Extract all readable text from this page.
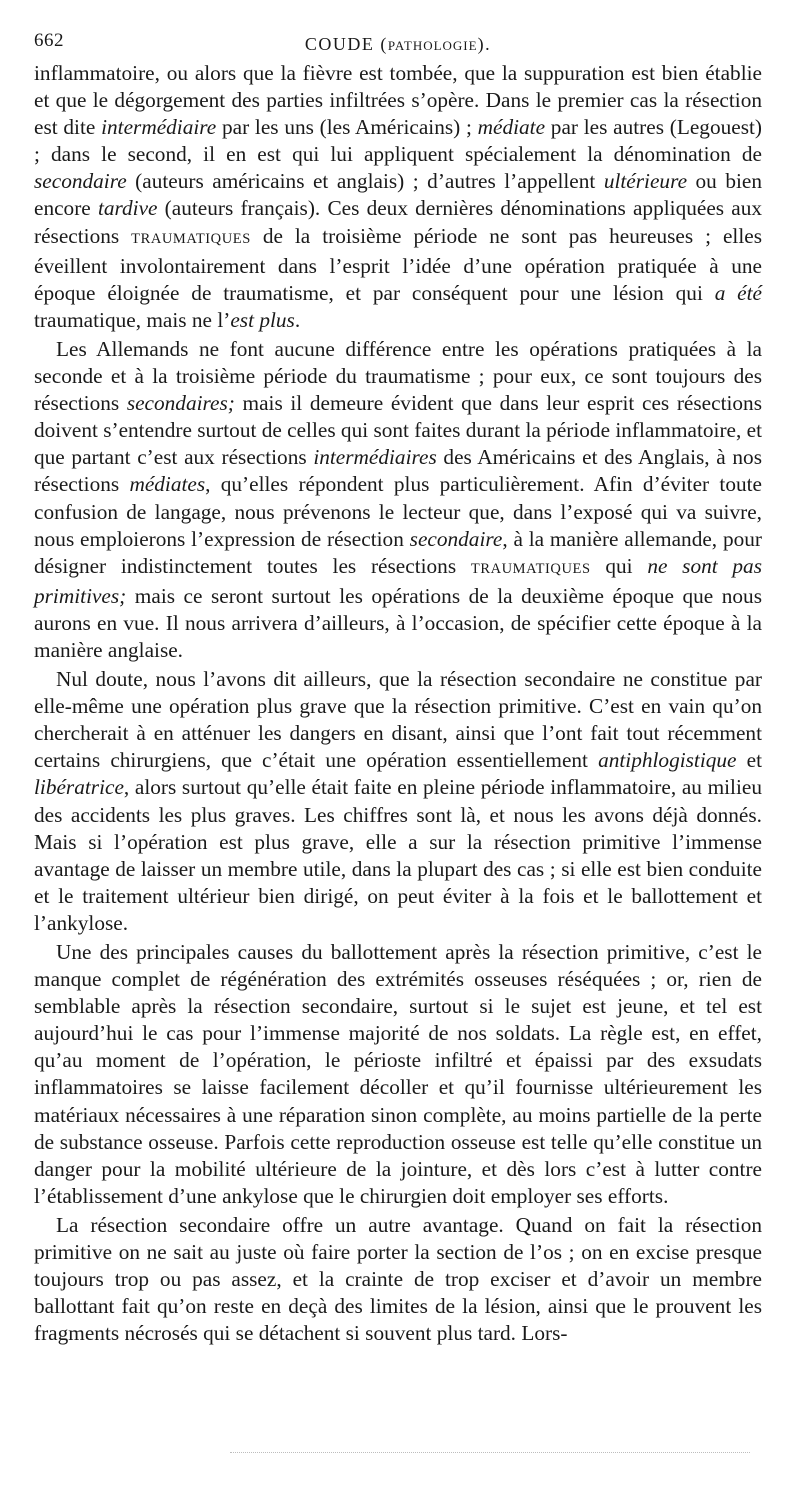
662	COUDE (PATHOLOGIE).

inflammatoire, ou alors que la fièvre est tombée, que la suppuration est bien établie et que le dégorgement des parties infiltrées s’opère. Dans le premier cas la résection est dite intermédiaire par les uns (les Américains) ; médiate par les autres (Legouest) ; dans le second, il en est qui lui appliquent spécialement la dénomination de secondaire (auteurs américains et anglais) ; d’autres l’appellent ultérieure ou bien encore tardive (auteurs français). Ces deux dernières dénominations appliquées aux résections TRAUMATIQUES de la troisième période ne sont pas heureuses ; elles éveillent involontairement dans l’esprit l’idée d’une opération pratiquée à une époque éloignée de traumatisme, et par conséquent pour une lésion qui a été traumatique, mais ne l’est plus.

Les Allemands ne font aucune différence entre les opérations pratiquées à la seconde et à la troisième période du traumatisme ; pour eux, ce sont toujours des résections secondaires; mais il demeure évident que dans leur esprit ces résections doivent s’entendre surtout de celles qui sont faites durant la période inflammatoire, et que partant c’est aux résections intermédiaires des Américains et des Anglais, à nos résections médiates, qu’elles répondent plus particulièrement. Afin d’éviter toute confusion de langage, nous prévenons le lecteur que, dans l’exposé qui va suivre, nous emploierons l’expression de résection secondaire, à la manière allemande, pour désigner indistinctement toutes les résections TRAUMATIQUES qui ne sont pas primitives; mais ce seront surtout les opérations de la deuxième époque que nous aurons en vue. Il nous arrivera d’ailleurs, à l’occasion, de spécifier cette époque à la manière anglaise.

Nul doute, nous l’avons dit ailleurs, que la résection secondaire ne constitue par elle-même une opération plus grave que la résection primitive. C’est en vain qu’on chercherait à en atténuer les dangers en disant, ainsi que l’ont fait tout récemment certains chirurgiens, que c’était une opération essentiellement antiphlogistique et libératrice, alors surtout qu’elle était faite en pleine période inflammatoire, au milieu des accidents les plus graves. Les chiffres sont là, et nous les avons déjà donnés. Mais si l’opération est plus grave, elle a sur la résection primitive l’immense avantage de laisser un membre utile, dans la plupart des cas ; si elle est bien conduite et le traitement ultérieur bien dirigé, on peut éviter à la fois et le ballottement et l’ankylose.

Une des principales causes du ballottement après la résection primitive, c’est le manque complet de régénération des extrémités osseuses réséquées ; or, rien de semblable après la résection secondaire, surtout si le sujet est jeune, et tel est aujourd’hui le cas pour l’immense majorité de nos soldats. La règle est, en effet, qu’au moment de l’opération, le périoste infiltré et épaissi par des exsudats inflammatoires se laisse facilement décoller et qu’il fournisse ultérieurement les matériaux nécessaires à une réparation sinon complète, au moins partielle de la perte de substance osseuse. Parfois cette reproduction osseuse est telle qu’elle constitue un danger pour la mobilité ultérieure de la jointure, et dès lors c’est à lutter contre l’établissement d’une ankylose que le chirurgien doit employer ses efforts.

La résection secondaire offre un autre avantage. Quand on fait la résection primitive on ne sait au juste où faire porter la section de l’os ; on en excise presque toujours trop ou pas assez, et la crainte de trop exciser et d’avoir un membre ballottant fait qu’on reste en deçà des limites de la lésion, ainsi que le prouvent les fragments nécrosés qui se détachent si souvent plus tard. Lors-
